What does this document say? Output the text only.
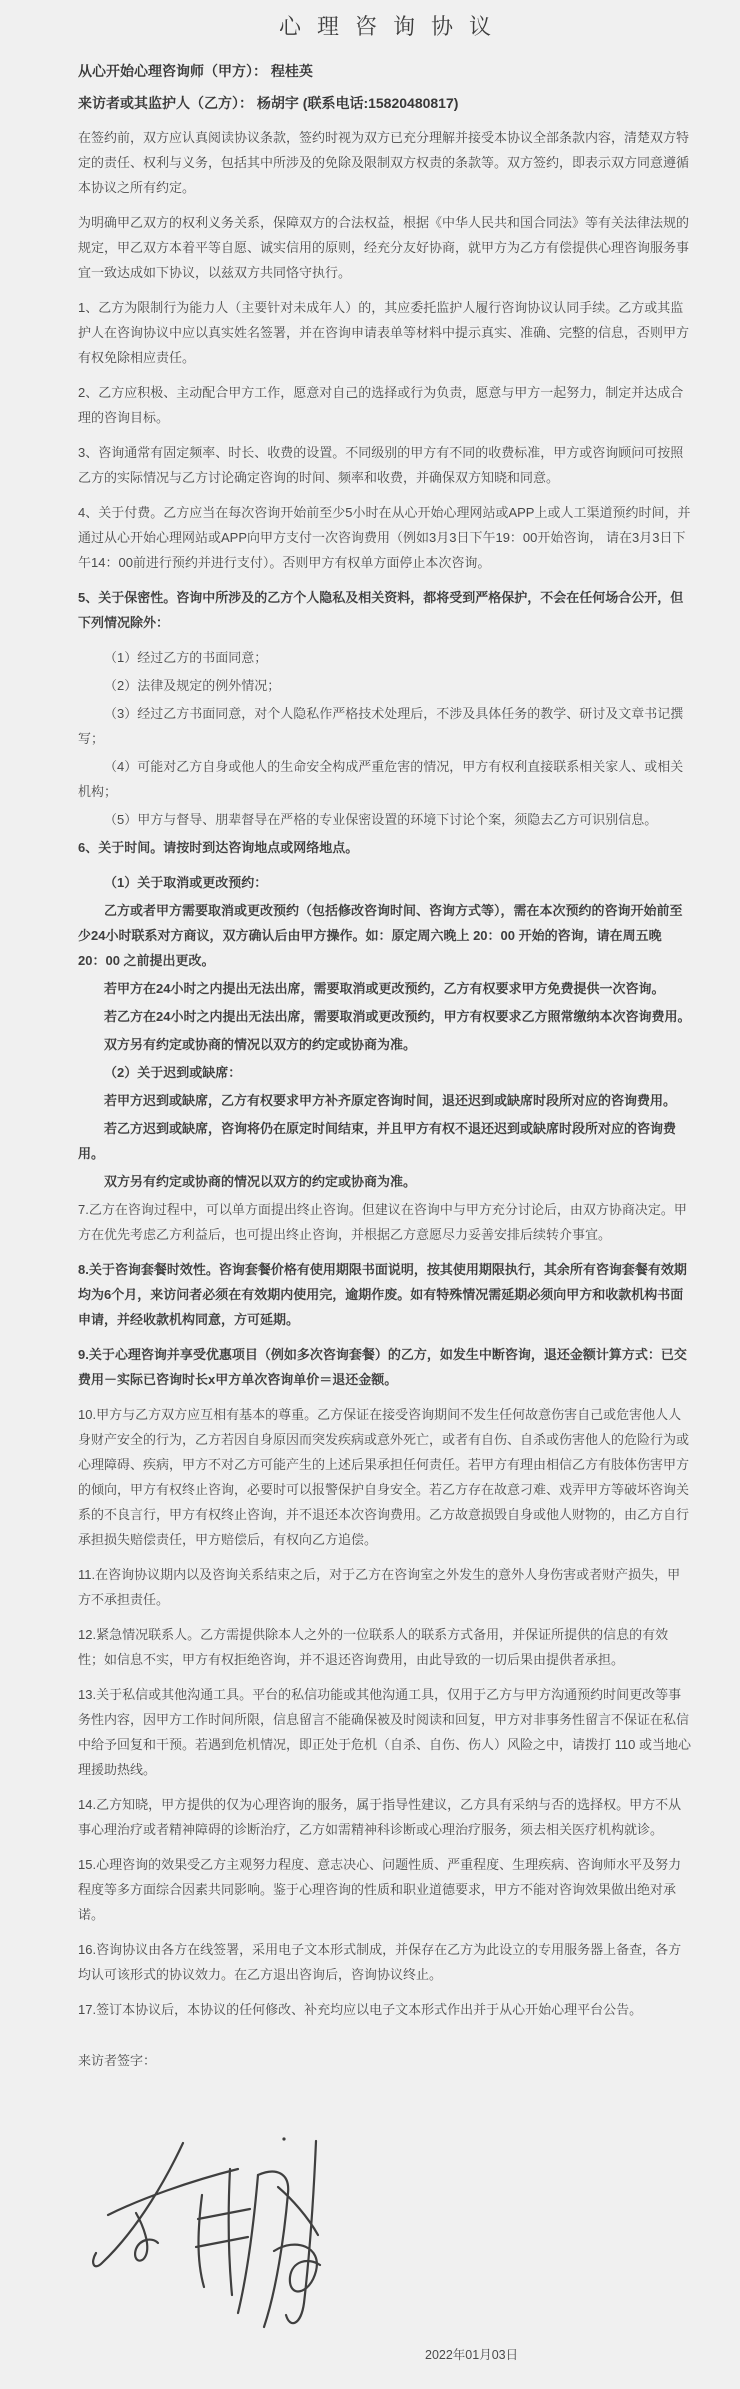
心理咨询协议

从心开始心理咨询师（甲方）： 程桂英

来访者或其监护人（乙方）： 杨胡宇 (联系电话:15820480817)

在签约前，双方应认真阅读协议条款，签约时视为双方已充分理解并接受本协议全部条款内容，清楚双方特定的责任、权利与义务，包括其中所涉及的免除及限制双方权责的条款等。双方签约，即表示双方同意遵循本协议之所有约定。

为明确甲乙双方的权利义务关系，保障双方的合法权益，根据《中华人民共和国合同法》等有关法律法规的规定，甲乙双方本着平等自愿、诚实信用的原则，经充分友好协商，就甲方为乙方有偿提供心理咨询服务事宜一致达成如下协议，以兹双方共同恪守执行。

1、乙方为限制行为能力人（主要针对未成年人）的，其应委托监护人履行咨询协议认同手续。乙方或其监护人在咨询协议中应以真实姓名签署，并在咨询申请表单等材料中提示真实、准确、完整的信息，否则甲方有权免除相应责任。

2、乙方应积极、主动配合甲方工作，愿意对自己的选择或行为负责，愿意与甲方一起努力，制定并达成合理的咨询目标。

3、咨询通常有固定频率、时长、收费的设置。不同级别的甲方有不同的收费标准，甲方或咨询顾问可按照乙方的实际情况与乙方讨论确定咨询的时间、频率和收费，并确保双方知晓和同意。

4、关于付费。乙方应当在每次咨询开始前至少5小时在从心开始心理网站或APP上或人工渠道预约时间，并通过从心开始心理网站或APP向甲方支付一次咨询费用（例如3月3日下午19：00开始咨询， 请在3月3日下午14：00前进行预约并进行支付）。否则甲方有权单方面停止本次咨询。

5、关于保密性。咨询中所涉及的乙方个人隐私及相关资料，都将受到严格保护，不会在任何场合公开，但下列情况除外：

（1）经过乙方的书面同意；

（2）法律及规定的例外情况；

（3）经过乙方书面同意，对个人隐私作严格技术处理后，不涉及具体任务的教学、研讨及文章书记撰写；

（4）可能对乙方自身或他人的生命安全构成严重危害的情况，甲方有权利直接联系相关家人、或相关机构；

（5）甲方与督导、朋辈督导在严格的专业保密设置的环境下讨论个案，须隐去乙方可识别信息。

6、关于时间。请按时到达咨询地点或网络地点。

（1）关于取消或更改预约：

乙方或者甲方需要取消或更改预约（包括修改咨询时间、咨询方式等），需在本次预约的咨询开始前至少24小时联系对方商议，双方确认后由甲方操作。如：原定周六晚上 20：00 开始的咨询，请在周五晚 20：00 之前提出更改。

若甲方在24小时之内提出无法出席，需要取消或更改预约，乙方有权要求甲方免费提供一次咨询。

若乙方在24小时之内提出无法出席，需要取消或更改预约，甲方有权要求乙方照常缴纳本次咨询费用。

双方另有约定或协商的情况以双方的约定或协商为准。

（2）关于迟到或缺席：

若甲方迟到或缺席，乙方有权要求甲方补齐原定咨询时间，退还迟到或缺席时段所对应的咨询费用。

若乙方迟到或缺席，咨询将仍在原定时间结束，并且甲方有权不退还迟到或缺席时段所对应的咨询费用。

双方另有约定或协商的情况以双方的约定或协商为准。

7.乙方在咨询过程中，可以单方面提出终止咨询。但建议在咨询中与甲方充分讨论后，由双方协商决定。甲方在优先考虑乙方利益后，也可提出终止咨询，并根据乙方意愿尽力妥善安排后续转介事宜。

8.关于咨询套餐时效性。咨询套餐价格有使用期限书面说明，按其使用期限执行，其余所有咨询套餐有效期均为6个月，来访问者必须在有效期内使用完，逾期作废。如有特殊情况需延期必须向甲方和收款机构书面申请，并经收款机构同意，方可延期。

9.关于心理咨询并享受优惠项目（例如多次咨询套餐）的乙方，如发生中断咨询，退还金额计算方式：已交费用－实际已咨询时长x甲方单次咨询单价＝退还金额。

10.甲方与乙方双方应互相有基本的尊重。乙方保证在接受咨询期间不发生任何故意伤害自己或危害他人人身财产安全的行为，乙方若因自身原因而突发疾病或意外死亡，或者有自伤、自杀或伤害他人的危险行为或心理障碍、疾病，甲方不对乙方可能产生的上述后果承担任何责任。若甲方有理由相信乙方有肢体伤害甲方的倾向，甲方有权终止咨询，必要时可以报警保护自身安全。若乙方存在故意刁难、戏弄甲方等破坏咨询关系的不良言行，甲方有权终止咨询，并不退还本次咨询费用。乙方故意损毁自身或他人财物的，由乙方自行承担损失赔偿责任，甲方赔偿后，有权向乙方追偿。

11.在咨询协议期内以及咨询关系结束之后，对于乙方在咨询室之外发生的意外人身伤害或者财产损失，甲方不承担责任。

12.紧急情况联系人。乙方需提供除本人之外的一位联系人的联系方式备用，并保证所提供的信息的有效性；如信息不实，甲方有权拒绝咨询，并不退还咨询费用，由此导致的一切后果由提供者承担。

13.关于私信或其他沟通工具。平台的私信功能或其他沟通工具，仅用于乙方与甲方沟通预约时间更改等事务性内容，因甲方工作时间所限，信息留言不能确保被及时阅读和回复，甲方对非事务性留言不保证在私信中给予回复和干预。若遇到危机情况，即正处于危机（自杀、自伤、伤人）风险之中，请拨打 110 或当地心理援助热线。

14.乙方知晓，甲方提供的仅为心理咨询的服务，属于指导性建议，乙方具有采纳与否的选择权。甲方不从事心理治疗或者精神障碍的诊断治疗，乙方如需精神科诊断或心理治疗服务，须去相关医疗机构就诊。

15.心理咨询的效果受乙方主观努力程度、意志决心、问题性质、严重程度、生理疾病、咨询师水平及努力程度等多方面综合因素共同影响。鉴于心理咨询的性质和职业道德要求，甲方不能对咨询效果做出绝对承诺。

16.咨询协议由各方在线签署，采用电子文本形式制成，并保存在乙方为此设立的专用服务器上备查，各方均认可该形式的协议效力。在乙方退出咨询后，咨询协议终止。

17.签订本协议后，本协议的任何修改、补充均应以电子文本形式作出并于从心开始心理平台公告。

来访者签字：

2022年01月03日
